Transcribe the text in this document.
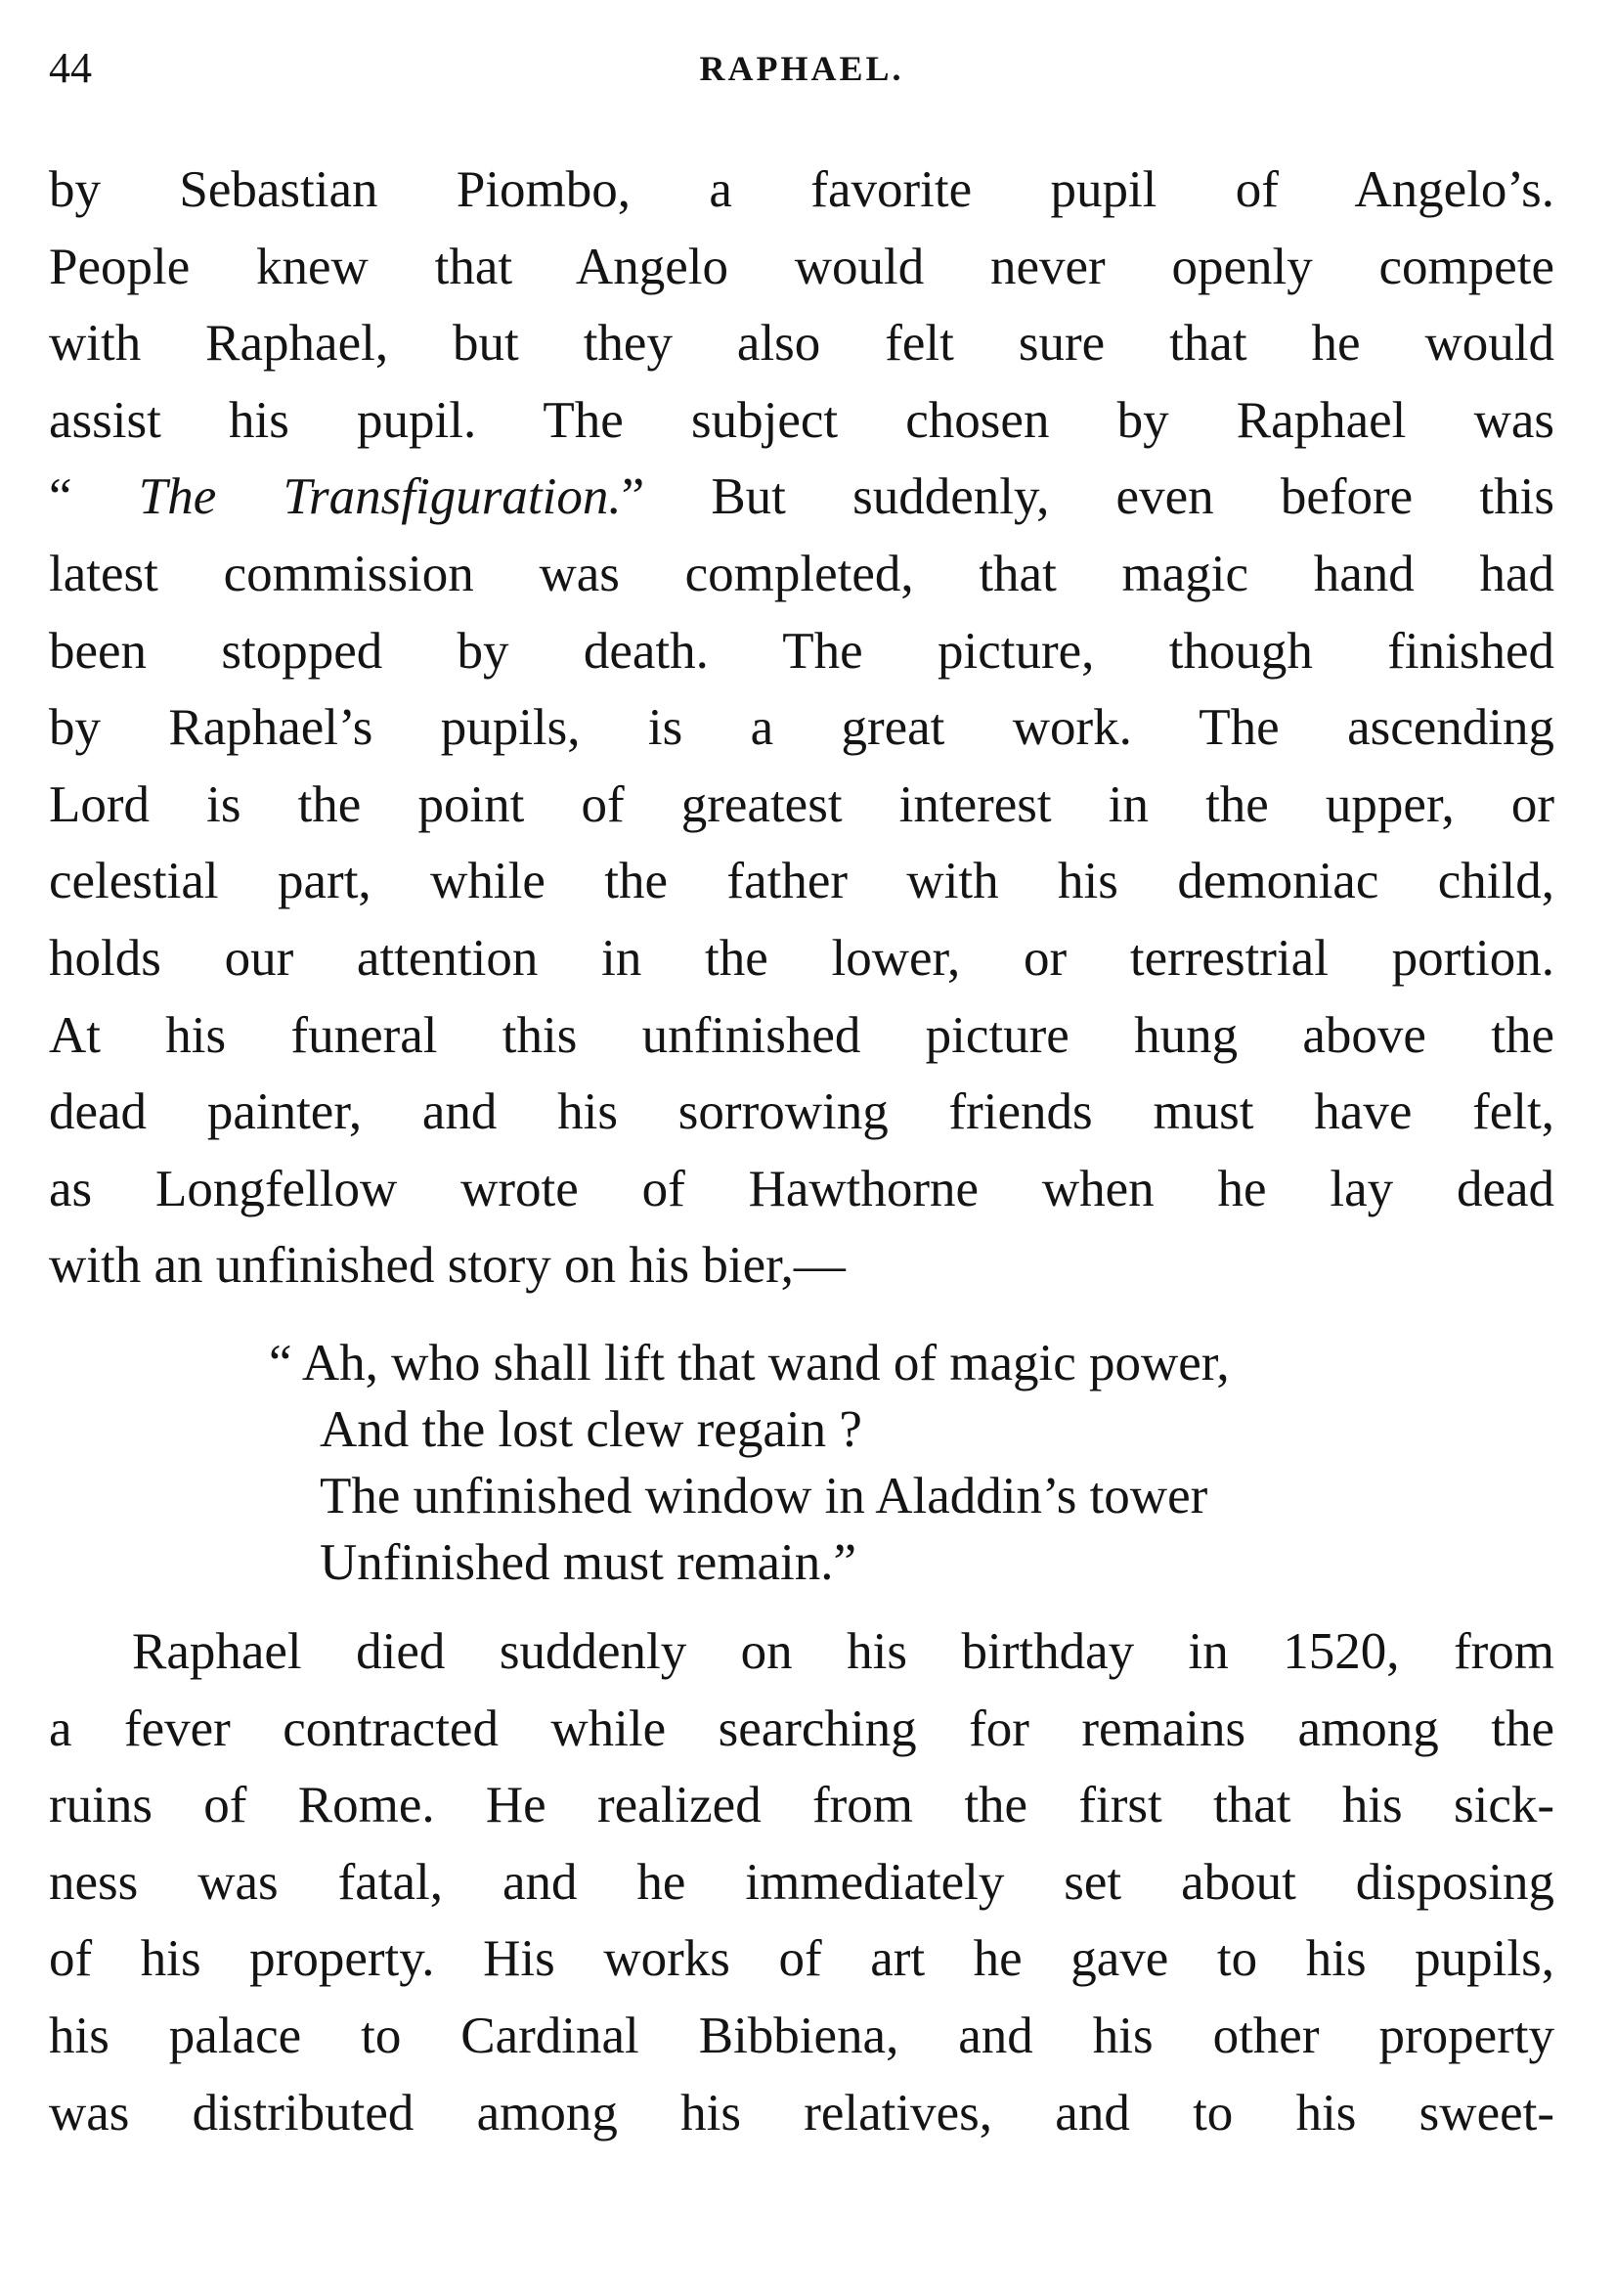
44	RAPHAEL.
by Sebastian Piombo, a favorite pupil of Angelo’s.
People knew that Angelo would never openly compete
with Raphael, but they also felt sure that he would
assist his pupil. The subject chosen by Raphael was
“ The Transfiguration.” But suddenly, even before this
latest commission was completed, that magic hand had
been stopped by death. The picture, though finished
by Raphael’s pupils, is a great work. The ascending
Lord is the point of greatest interest in the upper, or
celestial part, while the father with his demoniac child,
holds our attention in the lower, or terrestrial portion.
At his funeral this unfinished picture hung above the
dead painter, and his sorrowing friends must have felt,
as Longfellow wrote of Hawthorne when he lay dead
with an unfinished story on his bier,—
“ Ah, who shall lift that wand of magic power,
And the lost clew regain ?
The unfinished window in Aladdin’s tower
Unfinished must remain.”
Raphael died suddenly on his birthday in 1520, from
a fever contracted while searching for remains among the
ruins of Rome. He realized from the first that his sick-
ness was fatal, and he immediately set about disposing
of his property. His works of art he gave to his pupils,
his palace to Cardinal Bibbiena, and his other property
was distributed among his relatives, and to his sweet-
